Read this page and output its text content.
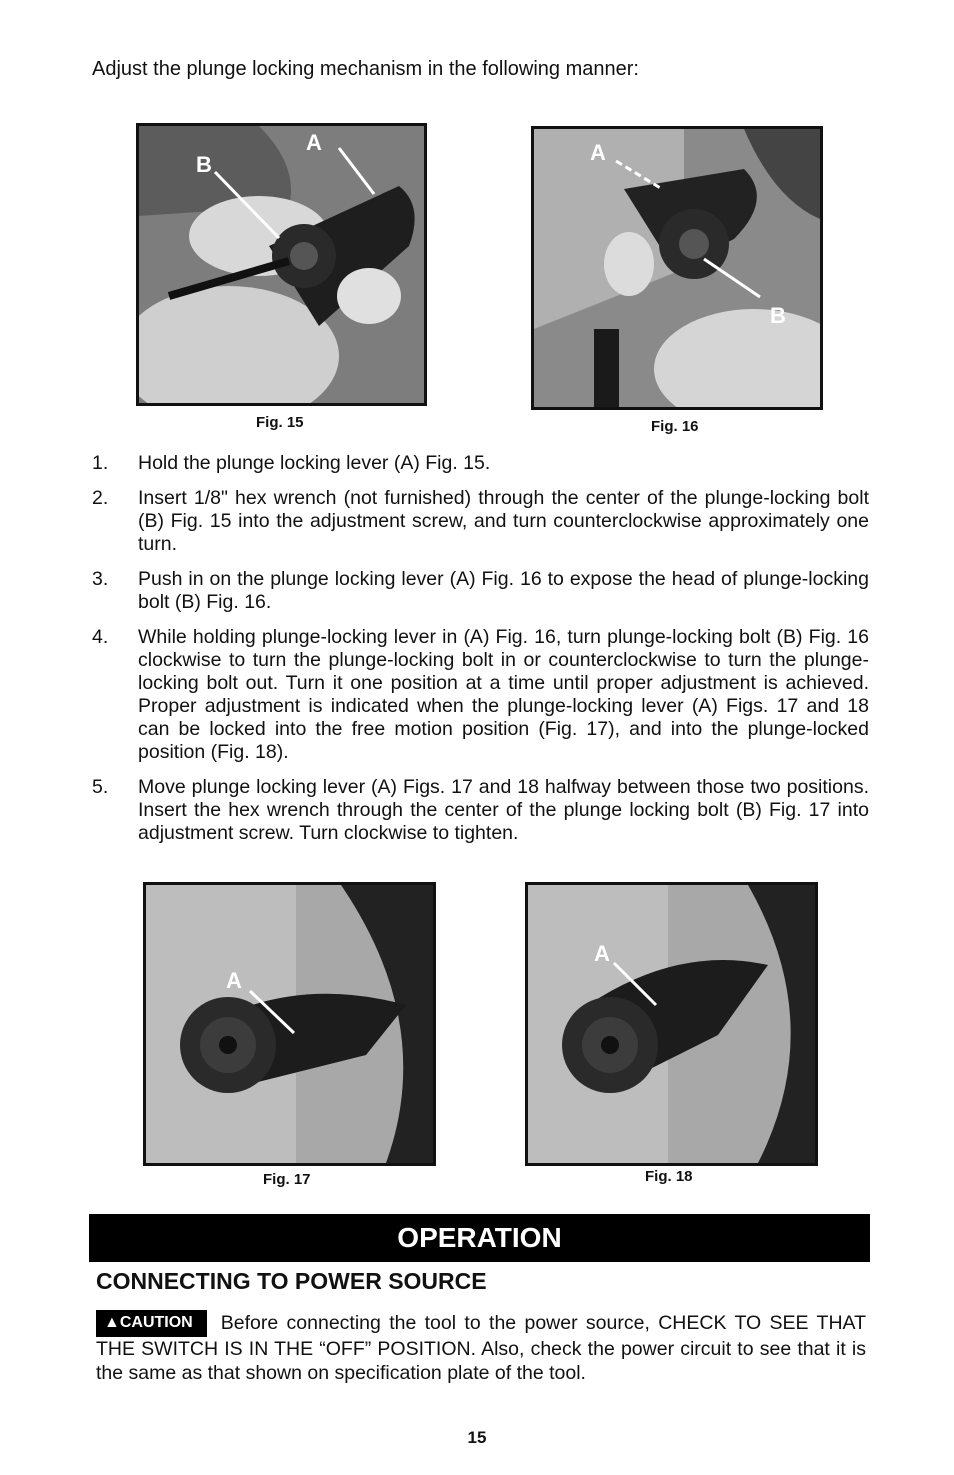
Adjust the plunge locking mechanism in the following manner:
A
B
Fig. 15
A
B
Fig. 16
1. Hold the plunge locking lever (A) Fig. 15.
2. Insert 1/8" hex wrench (not furnished) through the center of the plunge-locking bolt (B) Fig. 15 into the adjustment screw, and turn counterclockwise approximately one turn.
3. Push in on the plunge locking lever (A) Fig. 16 to expose the head of plunge-locking bolt (B) Fig. 16.
4. While holding plunge-locking lever in (A) Fig. 16, turn plunge-locking bolt (B) Fig. 16 clockwise to turn the plunge-locking bolt in or counterclockwise to turn the plunge-locking bolt out. Turn it one position at a time until proper adjustment is achieved. Proper adjustment is indicated when the plunge-locking lever (A) Figs. 17 and 18 can be locked into the free motion position (Fig. 17), and into the plunge-locked position (Fig. 18).
5. Move plunge locking lever (A) Figs. 17 and 18 halfway between those two positions. Insert the hex wrench through the center of the plunge locking bolt (B) Fig. 17 into adjustment screw. Turn clockwise to tighten.
A
Fig. 17
A
Fig. 18
OPERATION
CONNECTING TO POWER SOURCE
▲CAUTION Before connecting the tool to the power source, CHECK TO SEE THAT THE SWITCH IS IN THE “OFF” POSITION. Also, check the power circuit to see that it is the same as that shown on specification plate of the tool.
15
